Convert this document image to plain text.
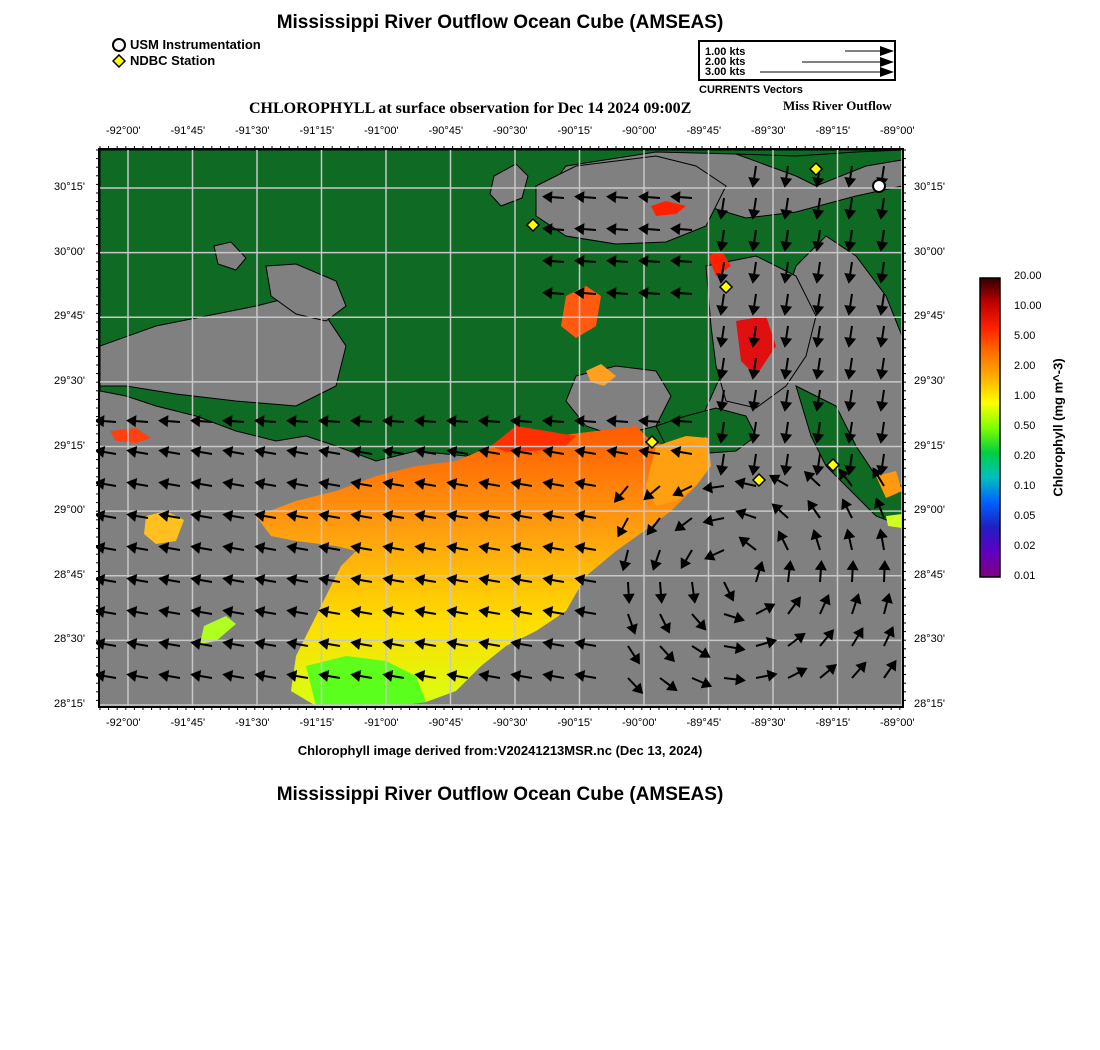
Mississippi River Outflow Ocean Cube (AMSEAS)
USM Instrumentation
NDBC Station
1.00 kts
2.00 kts
3.00 kts
CURRENTS Vectors
CHLOROPHYLL at surface observation for Dec 14 2024 09:00Z	Miss River Outflow
-92°00'	-91°45'	-91°30'	-91°15'	-91°00'	-90°45'	-90°30'	-90°15'	-90°00'	-89°45'	-89°30'	-89°15'	-89°00'
-92°00'	-91°45'	-91°30'	-91°15'	-91°00'	-90°45'	-90°30'	-90°15'	-90°00'	-89°45'	-89°30'	-89°15'	-89°00'
30°15'
30°00'
29°45'
29°30'
29°15'
29°00'
28°45'
28°30'
28°15'
30°15'
30°00'
29°45'
29°30'
29°15'
29°00'
28°45'
28°30'
28°15'
20.00
10.00
5.00
2.00
1.00
0.50
0.20
0.10
0.05
0.02
0.01
Chlorophyll (mg m^-3)
Chlorophyll image derived from:V20241213MSR.nc (Dec 13, 2024)
Mississippi River Outflow Ocean Cube (AMSEAS)
